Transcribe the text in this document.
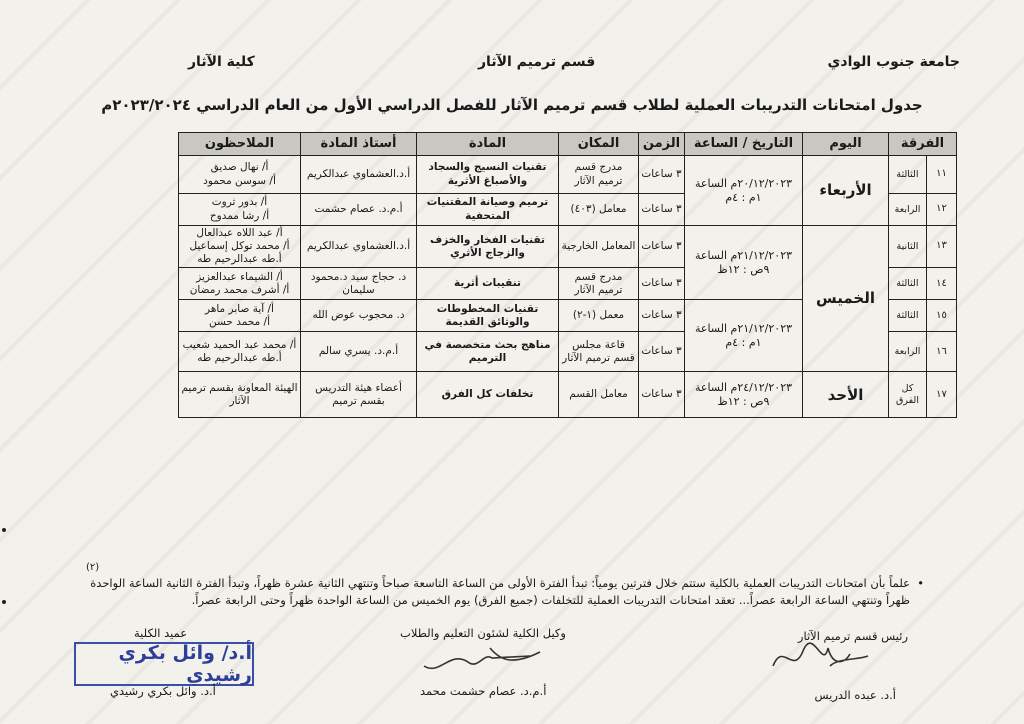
جامعة جنوب الوادي
قسم ترميم الآثار
كلية الآثار
جدول امتحانات التدريبات العملية لطلاب قسم ترميم الآثار للفصل الدراسي الأول من العام الدراسي ٢٠٢٣/٢٠٢٤م
الفرقة		اليوم	التاريخ / الساعة	الزمن	المكان	المادة	أستاذ المادة	الملاحظون
١١	الثالثة	الأربعاء	٢٠/١٢/٢٠٢٣م الساعة ١م : ٤م	٣ ساعات	مدرج قسم ترميم الآثار	تقنيات النسيج والسجاد والأصباغ الأثرية	أ.د.العشماوي عبدالكريم	أ/ نهال صديق
أ/ سوسن محمود
١٢	الرابعة			٣ ساعات	معامل (٤٠٣)	ترميم وصيانة المقتنيات المتحفية	أ.م.د. عصام حشمت	أ/ بدور ثروت
أ/ رشا ممدوح
١٣	الثانية	الخميس	٢١/١٢/٢٠٢٣م الساعة ٩ص : ١٢ظ	٣ ساعات	المعامل الخارجية	تقنيات الفخار والخزف والزجاج الأثري	أ.د.العشماوي عبدالكريم	أ/ عبد اللاه عبدالعال
أ/ محمد توكل إسماعيل
أ.طه عبدالرحيم طه
١٤	الثالثة			٣ ساعات	مدرج قسم ترميم الآثار	تنقيبات أثرية	د. حجاج سيد د.محمود سليمان	أ/ الشيماء عبدالعزيز
أ/ أشرف محمد رمضان
١٥	الثالثة		٢١/١٢/٢٠٢٣م الساعة ١م : ٤م	٣ ساعات	معمل (١-٢)	تقنيات المخطوطات والوثائق القديمة	د. محجوب عوض الله	أ/ آية صابر ماهر
أ/ محمد حسن
١٦	الرابعة			٣ ساعات	قاعة مجلس قسم ترميم الآثار	مناهج بحث متخصصة في الترميم	أ.م.د. يسري سالم	أ/ محمد عبد الحميد شعيب
أ.طه عبدالرحيم طه
١٧	كل الفرق	الأحد	٢٤/١٢/٢٠٢٣م الساعة ٩ص : ١٢ظ	٣ ساعات	معامل القسم	تخلفات كل الفرق	أعضاء هيئة التدريس بقسم ترميم	الهيئة المعاونة بقسم ترميم الآثار
•
(٢)
علماً بأن امتحانات التدريبات العملية بالكلية ستتم خلال فترتين يومياً: تبدأ الفترة الأولى من الساعة التاسعة صباحاً وتنتهي الثانية عشرة ظهراً، وتبدأ الفترة الثانية الساعة الواحدة ظهراً وتنتهي الساعة الرابعة عصراً... تعقد امتحانات التدريبات العملية للتخلفات (جميع الفرق) يوم الخميس من الساعة الواحدة ظهراً وحتى الرابعة عصراً.
رئيس قسم ترميم الآثار
أ.د. عبده الدريس
وكيل الكلية لشئون التعليم والطلاب
أ.م.د. عصام حشمت محمد
عميد الكلية
أ.د/ وائل بكري رشيدي
أ.د. وائل بكري رشيدي
